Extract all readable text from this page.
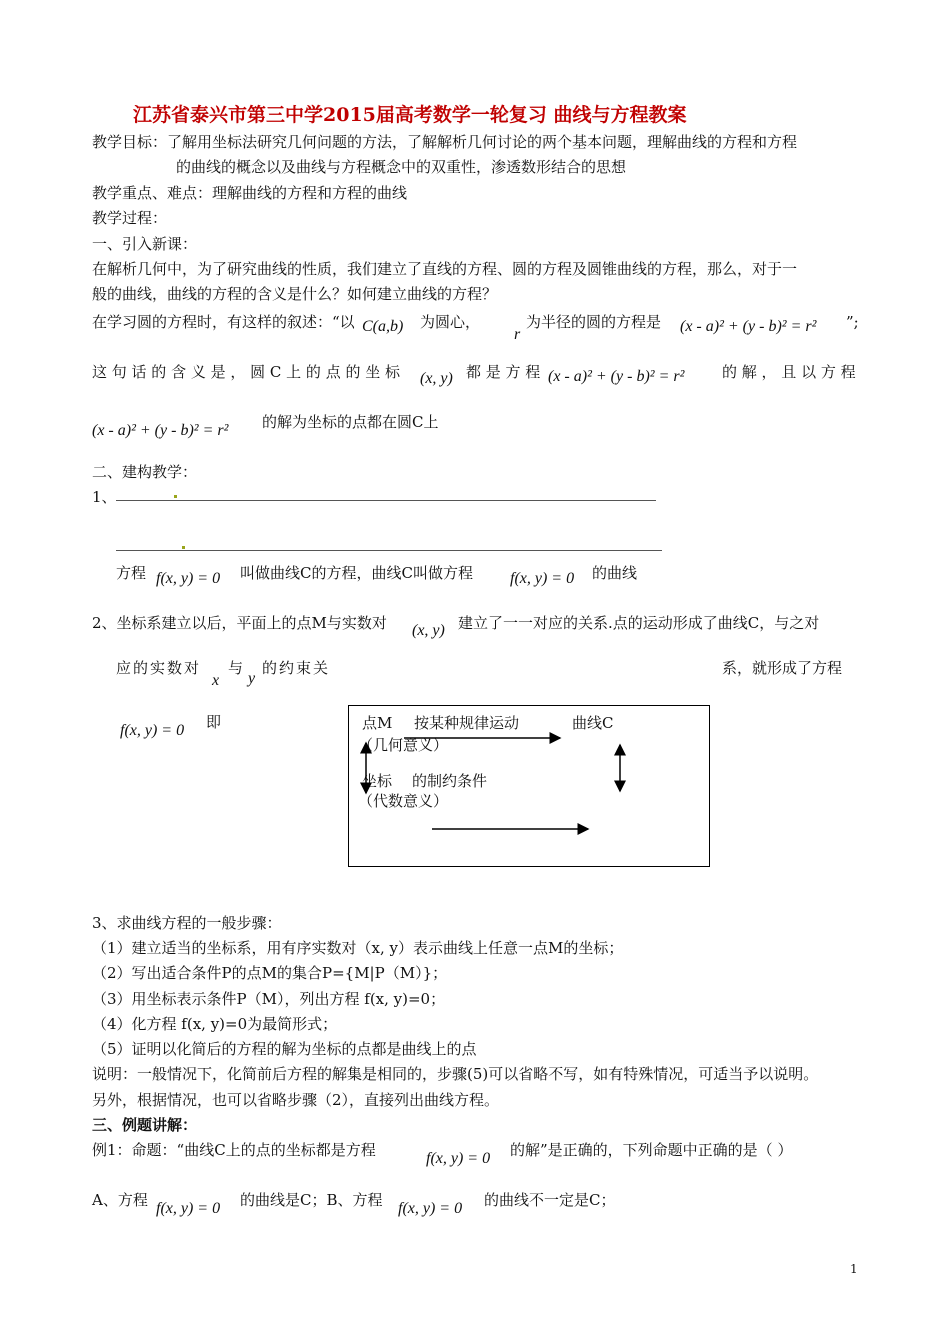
江苏省泰兴市第三中学2015届高考数学一轮复习 曲线与方程教案
教学目标：了解用坐标法研究几何问题的方法，了解解析几何讨论的两个基本问题，理解曲线的方程和方程
的曲线的概念以及曲线与方程概念中的双重性，渗透数形结合的思想
教学重点、难点：理解曲线的方程和方程的曲线
教学过程：
一、引入新课：
在解析几何中，为了研究曲线的性质，我们建立了直线的方程、圆的方程及圆锥曲线的方程，那么，对于一
般的曲线，曲线的方程的含义是什么？如何建立曲线的方程？
在学习圆的方程时，有这样的叙述：“以 C(a,b) 为圆心，
r
为半径的圆的方程是 (x - a)² + (y - b)² = r² ”;
这 句 话 的 含 义 是 ， 圆 C 上 的 点 的 坐 标 (x, y) 都 是 方 程 (x - a)² + (y - b)² = r²	的 解 ， 且 以 方 程
(x - a)² + (y - b)² = r² 的解为坐标的点都在圆C上
二、建构教学：
1、
方程 f(x, y) = 0 叫做曲线C的方程，曲线C叫做方程 f(x, y) = 0 的曲线
2、坐标系建立以后，平面上的点M与实数对 (x, y) 建立了一一对应的关系.点的运动形成了曲线C，与之对
应的实数对
x
与
y
的约束关	系，就形成了方程
f(x, y) = 0 即	点M 按某种规律运动	曲线C
（几何意义）
坐标 的制约条件
（代数意义）
3、求曲线方程的一般步骤：
（1）建立适当的坐标系，用有序实数对（x, y）表示曲线上任意一点M的坐标；
（2）写出适合条件P的点M的集合P={M|P（M）}；
（3）用坐标表示条件P（M），列出方程 f(x, y)=0；
（4）化方程 f(x, y)=0为最简形式；
（5）证明以化简后的方程的解为坐标的点都是曲线上的点
说明：一般情况下，化简前后方程的解集是相同的，步骤(5)可以省略不写，如有特殊情况，可适当予以说明。
另外，根据情况，也可以省略步骤（2），直接列出曲线方程。
三、例题讲解：
例1：命题：“曲线C上的点的坐标都是方程	f(x, y) = 0 的解”是正确的，下列命题中正确的是（ ）
A、方程 f(x, y) = 0 的曲线是C；B、方程 f(x, y) = 0 的曲线不一定是C；
1
